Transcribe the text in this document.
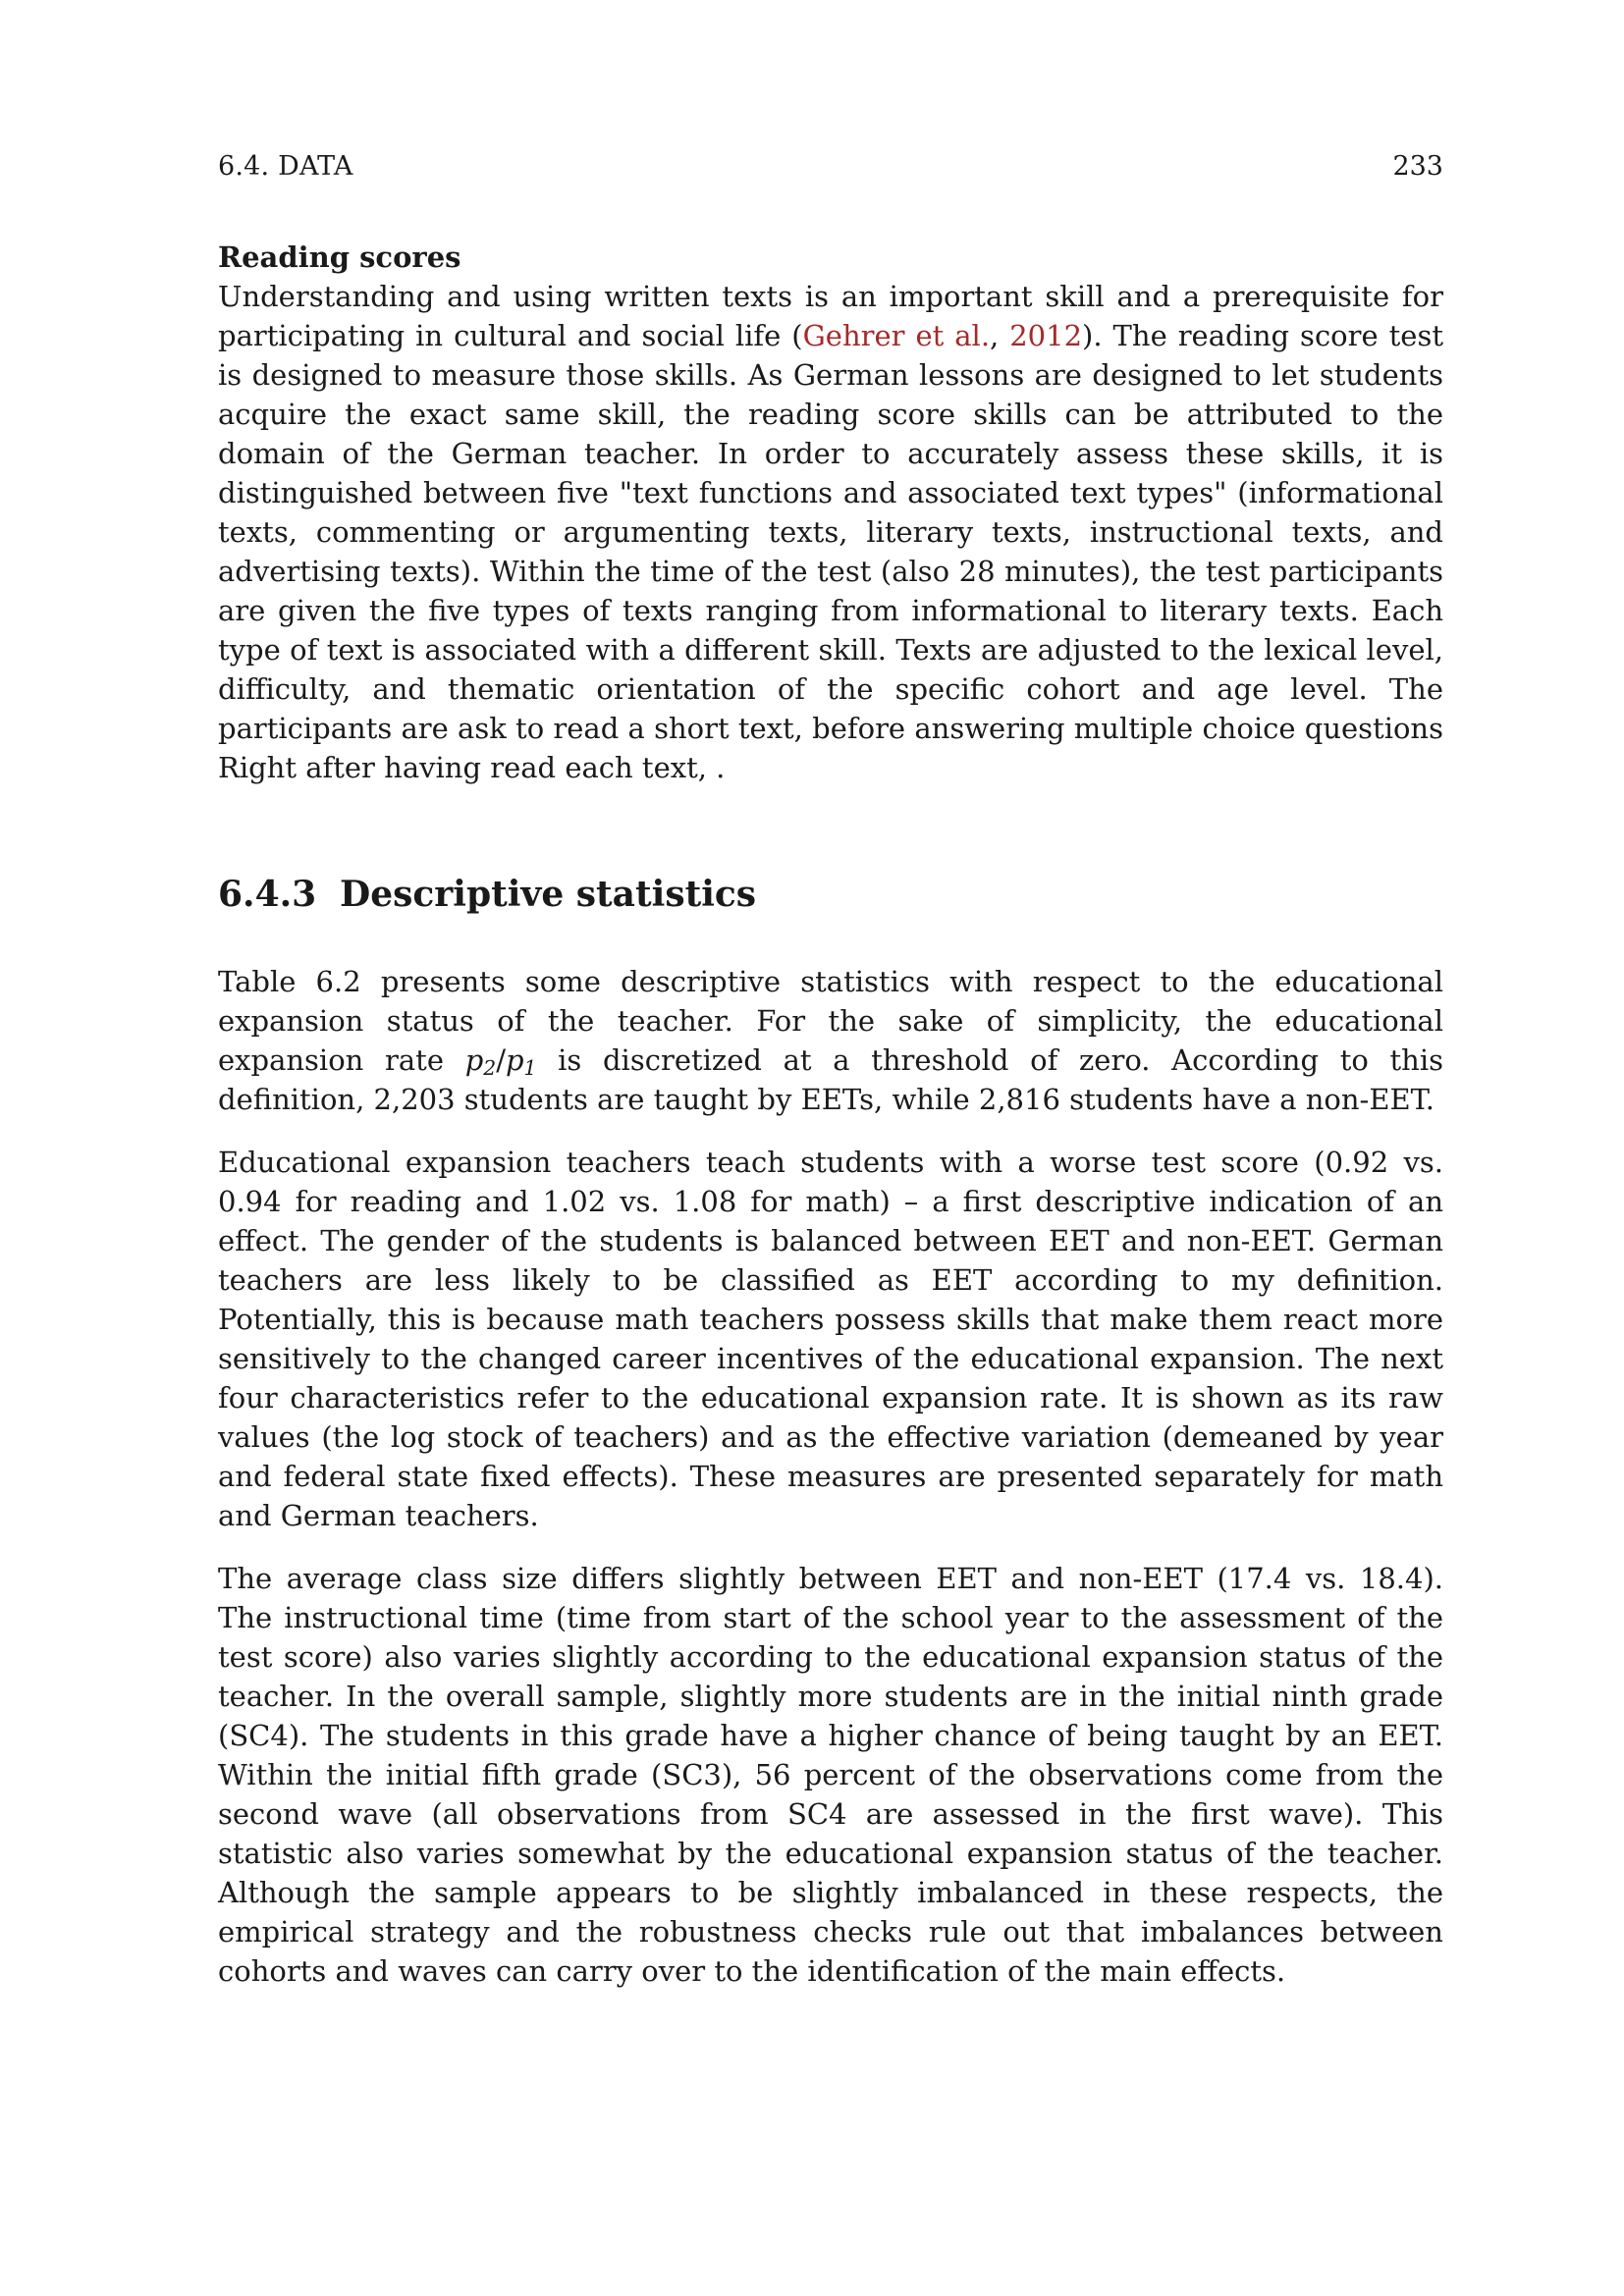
6.4. DATA	233

Reading scores
Understanding and using written texts is an important skill and a prerequisite for participating in cultural and social life (Gehrer et al., 2012). The reading score test is designed to measure those skills. As German lessons are designed to let students acquire the exact same skill, the reading score skills can be attributed to the domain of the German teacher. In order to accurately assess these skills, it is distinguished between five "text functions and associated text types" (informational texts, commenting or argumenting texts, literary texts, instructional texts, and advertising texts). Within the time of the test (also 28 minutes), the test participants are given the five types of texts ranging from informational to literary texts. Each type of text is associated with a different skill. Texts are adjusted to the lexical level, difficulty, and thematic orientation of the specific cohort and age level. The participants are ask to read a short text, before answering multiple choice questions Right after having read each text, .

6.4.3 Descriptive statistics

Table 6.2 presents some descriptive statistics with respect to the educational expansion status of the teacher. For the sake of simplicity, the educational expansion rate $p_2/p_1$ is discretized at a threshold of zero. According to this definition, 2,203 students are taught by EETs, while 2,816 students have a non-EET.

Educational expansion teachers teach students with a worse test score (0.92 vs. 0.94 for reading and 1.02 vs. 1.08 for math) – a first descriptive indication of an effect. The gender of the students is balanced between EET and non-EET. German teachers are less likely to be classified as EET according to my definition. Potentially, this is because math teachers possess skills that make them react more sensitively to the changed career incentives of the educational expansion. The next four characteristics refer to the educational expansion rate. It is shown as its raw values (the log stock of teachers) and as the effective variation (demeaned by year and federal state fixed effects). These measures are presented separately for math and German teachers.

The average class size differs slightly between EET and non-EET (17.4 vs. 18.4). The instructional time (time from start of the school year to the assessment of the test score) also varies slightly according to the educational expansion status of the teacher. In the overall sample, slightly more students are in the initial ninth grade (SC4). The students in this grade have a higher chance of being taught by an EET. Within the initial fifth grade (SC3), 56 percent of the observations come from the second wave (all observations from SC4 are assessed in the first wave). This statistic also varies somewhat by the educational expansion status of the teacher. Although the sample appears to be slightly imbalanced in these respects, the empirical strategy and the robustness checks rule out that imbalances between cohorts and waves can carry over to the identification of the main effects.
